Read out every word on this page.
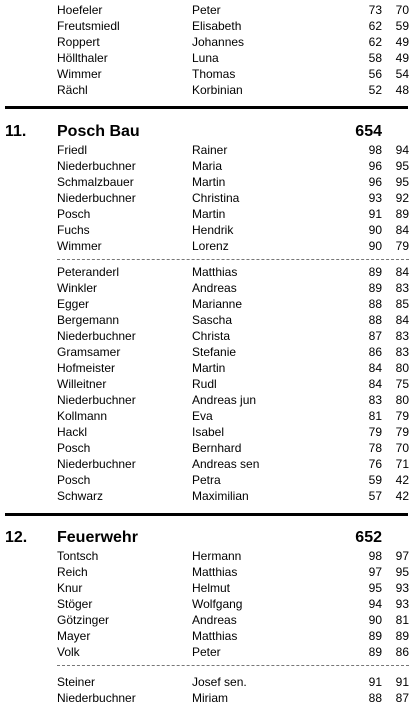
Hoefeler	Peter	73 70
Freutsmiedl	Elisabeth	62 59
Roppert	Johannes	62 49
Höllthaler	Luna	58 49
Wimmer	Thomas	56 54
Rächl	Korbinian	52 48
11. Posch Bau	654
Friedl	Rainer	98 94
Niederbuchner	Maria	96 95
Schmalzbauer	Martin	96 95
Niederbuchner	Christina	93 92
Posch	Martin	91 89
Fuchs	Hendrik	90 84
Wimmer	Lorenz	90 79
Peteranderl	Matthias	89 84
Winkler	Andreas	89 83
Egger	Marianne	88 85
Bergemann	Sascha	88 84
Niederbuchner	Christa	87 83
Gramsamer	Stefanie	86 83
Hofmeister	Martin	84 80
Willeitner	Rudl	84 75
Niederbuchner	Andreas jun	83 80
Kollmann	Eva	81 79
Hackl	Isabel	79 79
Posch	Bernhard	78 70
Niederbuchner	Andreas sen	76 71
Posch	Petra	59 42
Schwarz	Maximilian	57 42
12. Feuerwehr	652
Tontsch	Hermann	98 97
Reich	Matthias	97 95
Knur	Helmut	95 93
Stöger	Wolfgang	94 93
Götzinger	Andreas	90 81
Mayer	Matthias	89 89
Volk	Peter	89 86
Steiner	Josef sen.	91 91
Niederbuchner	Miriam	88 87
